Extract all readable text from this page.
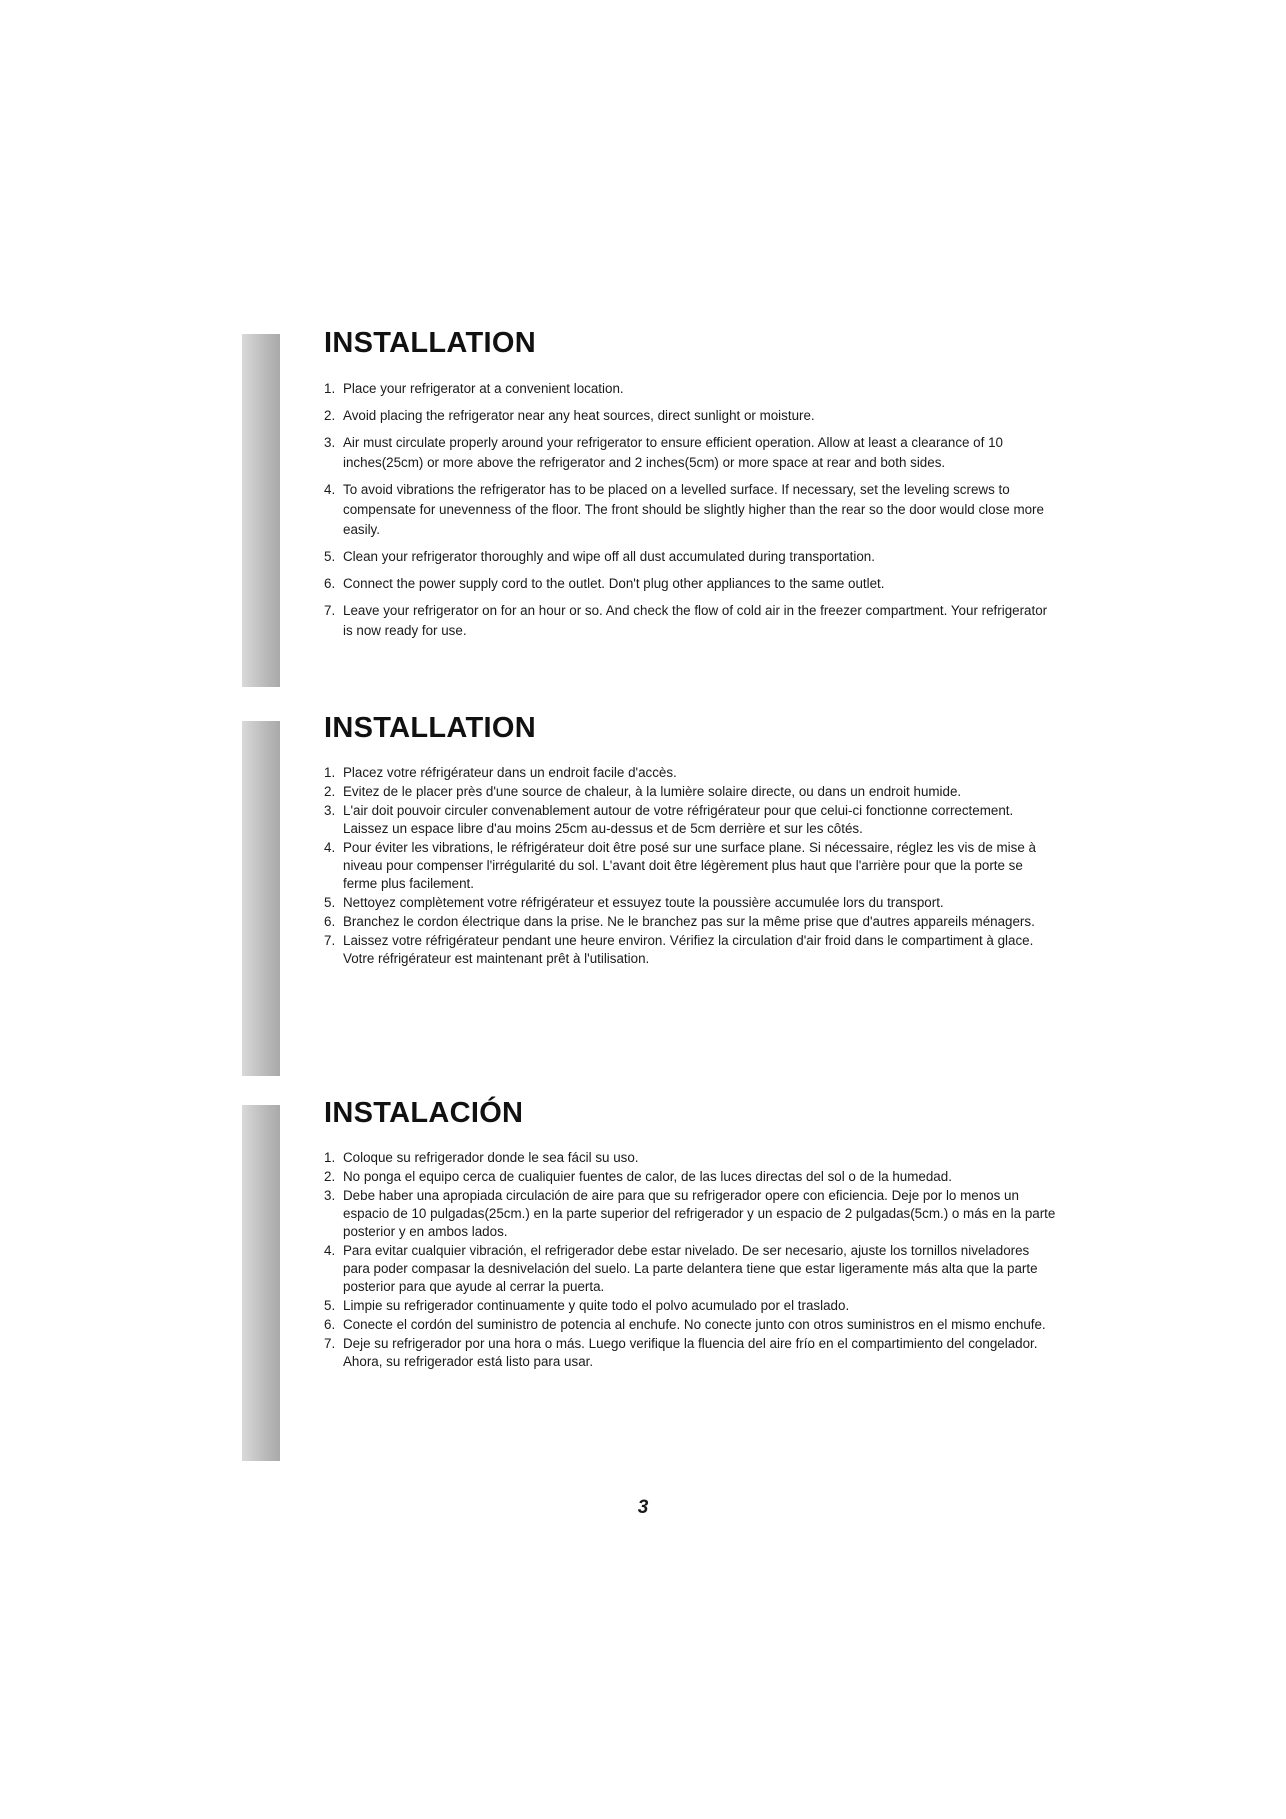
INSTALLATION
1. Place your refrigerator at a convenient location.
2. Avoid placing the refrigerator near any heat sources, direct sunlight or moisture.
3. Air must circulate properly around your refrigerator to ensure efficient operation. Allow at least a clearance of 10 inches(25cm) or more above the refrigerator and 2 inches(5cm) or more space at rear and both sides.
4. To avoid vibrations the refrigerator has to be placed on a levelled surface. If necessary, set the leveling screws to compensate for unevenness of the floor. The front should be slightly higher than the rear so the door would close more easily.
5. Clean your refrigerator thoroughly and wipe off all dust accumulated during transportation.
6. Connect the power supply cord to the outlet. Don't plug other appliances to the same outlet.
7. Leave your refrigerator on for an hour or so. And check the flow of cold air in the freezer compartment. Your refrigerator is now ready for use.
INSTALLATION
1. Placez votre réfrigérateur dans un endroit facile d'accès.
2. Evitez de le placer près d'une source de chaleur, à la lumière solaire directe, ou dans un endroit humide.
3. L'air doit pouvoir circuler convenablement autour de votre réfrigérateur pour que celui-ci fonctionne correctement. Laissez un espace libre d'au moins 25cm au-dessus et de 5cm derrière et sur les côtés.
4. Pour éviter les vibrations, le réfrigérateur doit être posé sur une surface plane. Si nécessaire, réglez les vis de mise à niveau pour compenser l'irrégularité du sol. L'avant doit être légèrement plus haut que l'arrière pour que la porte se ferme plus facilement.
5. Nettoyez complètement votre réfrigérateur et essuyez toute la poussière accumulée lors du transport.
6. Branchez le cordon électrique dans la prise. Ne le branchez pas sur la même prise que d'autres appareils ménagers.
7. Laissez votre réfrigérateur pendant une heure environ. Vérifiez la circulation d'air froid dans le compartiment à glace. Votre réfrigérateur est maintenant prêt à l'utilisation.
INSTALACIÓN
1. Coloque su refrigerador donde le sea fácil su uso.
2. No ponga el equipo cerca de cualiquier fuentes de calor, de las luces directas del sol o de la humedad.
3. Debe haber una apropiada circulación de aire para que su refrigerador opere con eficiencia. Deje por lo menos un espacio de 10 pulgadas(25cm.) en la parte superior del refrigerador y un espacio de 2 pulgadas(5cm.) o más en la parte posterior y en ambos lados.
4. Para evitar cualquier vibración, el refrigerador debe estar nivelado. De ser necesario, ajuste los tornillos niveladores para poder compasar la desnivelación del suelo. La parte delantera tiene que estar ligeramente más alta que la parte posterior para que ayude al cerrar la puerta.
5. Limpie su refrigerador continuamente y quite todo el polvo acumulado por el traslado.
6. Conecte el cordón del suministro de potencia al enchufe. No conecte junto con otros suministros en el mismo enchufe.
7. Deje su refrigerador por una hora o más. Luego verifique la fluencia del aire frío en el compartimiento del congelador. Ahora, su refrigerador está listo para usar.
3
